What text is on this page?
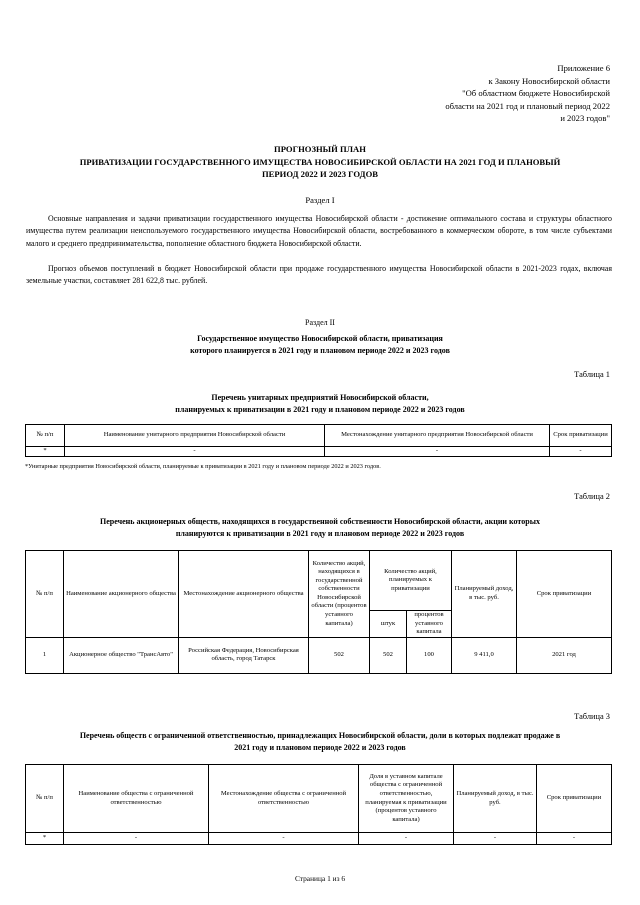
Приложение 6
к Закону Новосибирской области
"Об областном бюджете Новосибирской
области на 2021 год и плановый период 2022
и 2023 годов"
ПРОГНОЗНЫЙ ПЛАН
ПРИВАТИЗАЦИИ ГОСУДАРСТВЕННОГО ИМУЩЕСТВА НОВОСИБИРСКОЙ ОБЛАСТИ НА 2021 ГОД И ПЛАНОВЫЙ
ПЕРИОД 2022 И 2023 ГОДОВ
Раздел I
Основные направления и задачи приватизации государственного имущества Новосибирской области - достижение оптимального состава и структуры областного имущества путем реализации неиспользуемого государственного имущества Новосибирской области, востребованного в коммерческом обороте, в том числе субъектами малого и среднего предпринимательства, пополнение областного бюджета Новосибирской области.
Прогноз объемов поступлений в бюджет Новосибирской области при продаже государственного имущества Новосибирской области в 2021-2023 годах, включая земельные участки, составляет 281 622,8 тыс. рублей.
Раздел II
Государственное имущество Новосибирской области, приватизация
которого планируется в 2021 году и плановом периоде 2022 и 2023 годов
Таблица 1
Перечень унитарных предприятий Новосибирской области,
планируемых к приватизации в 2021 году и плановом периоде 2022 и 2023 годов
№ п/п	Наименование унитарного предприятия Новосибирской области	Местонахождение унитарного предприятия Новосибирской области	Срок приватизации
*	-	-	-
*Унитарные предприятия Новосибирской области, планируемые к приватизации в 2021 году и плановом периоде 2022 и 2023 годов.
Таблица 2
Перечень акционерных обществ, находящихся в государственной собственности Новосибирской области, акции которых
планируются к приватизации в 2021 году и плановом периоде 2022 и 2023 годов
№ п/п	Наименование акционерного общества	Местонахождение акционерного общества	Количество акций, находящихся в государственной собственности Новосибирской области (процентов уставного капитала)	Количество акций, планируемых к приватизации		Планируемый доход, в тыс. руб.	Срок приватизации
				штук	процентов уставного капитала		
1	Акционерное общество "ТрансАвто"	Российская Федерация, Новосибирская область, город Татарск	502	502	100	9 411,0	2021 год
Таблица 3
Перечень обществ с ограниченной ответственностью, принадлежащих Новосибирской области, доли в которых подлежат продаже в
2021 году и плановом периоде 2022 и 2023 годов
№ п/п	Наименование общества с ограниченной ответственностью	Местонахождение общества с ограниченной ответственностью	Доля в уставном капитале общества с ограниченной ответственностью, планируемая к приватизации (процентов уставного капитала)	Планируемый доход, в тыс. руб.	Срок приватизации
*	-	-	-	-	-
Страница 1 из 6
